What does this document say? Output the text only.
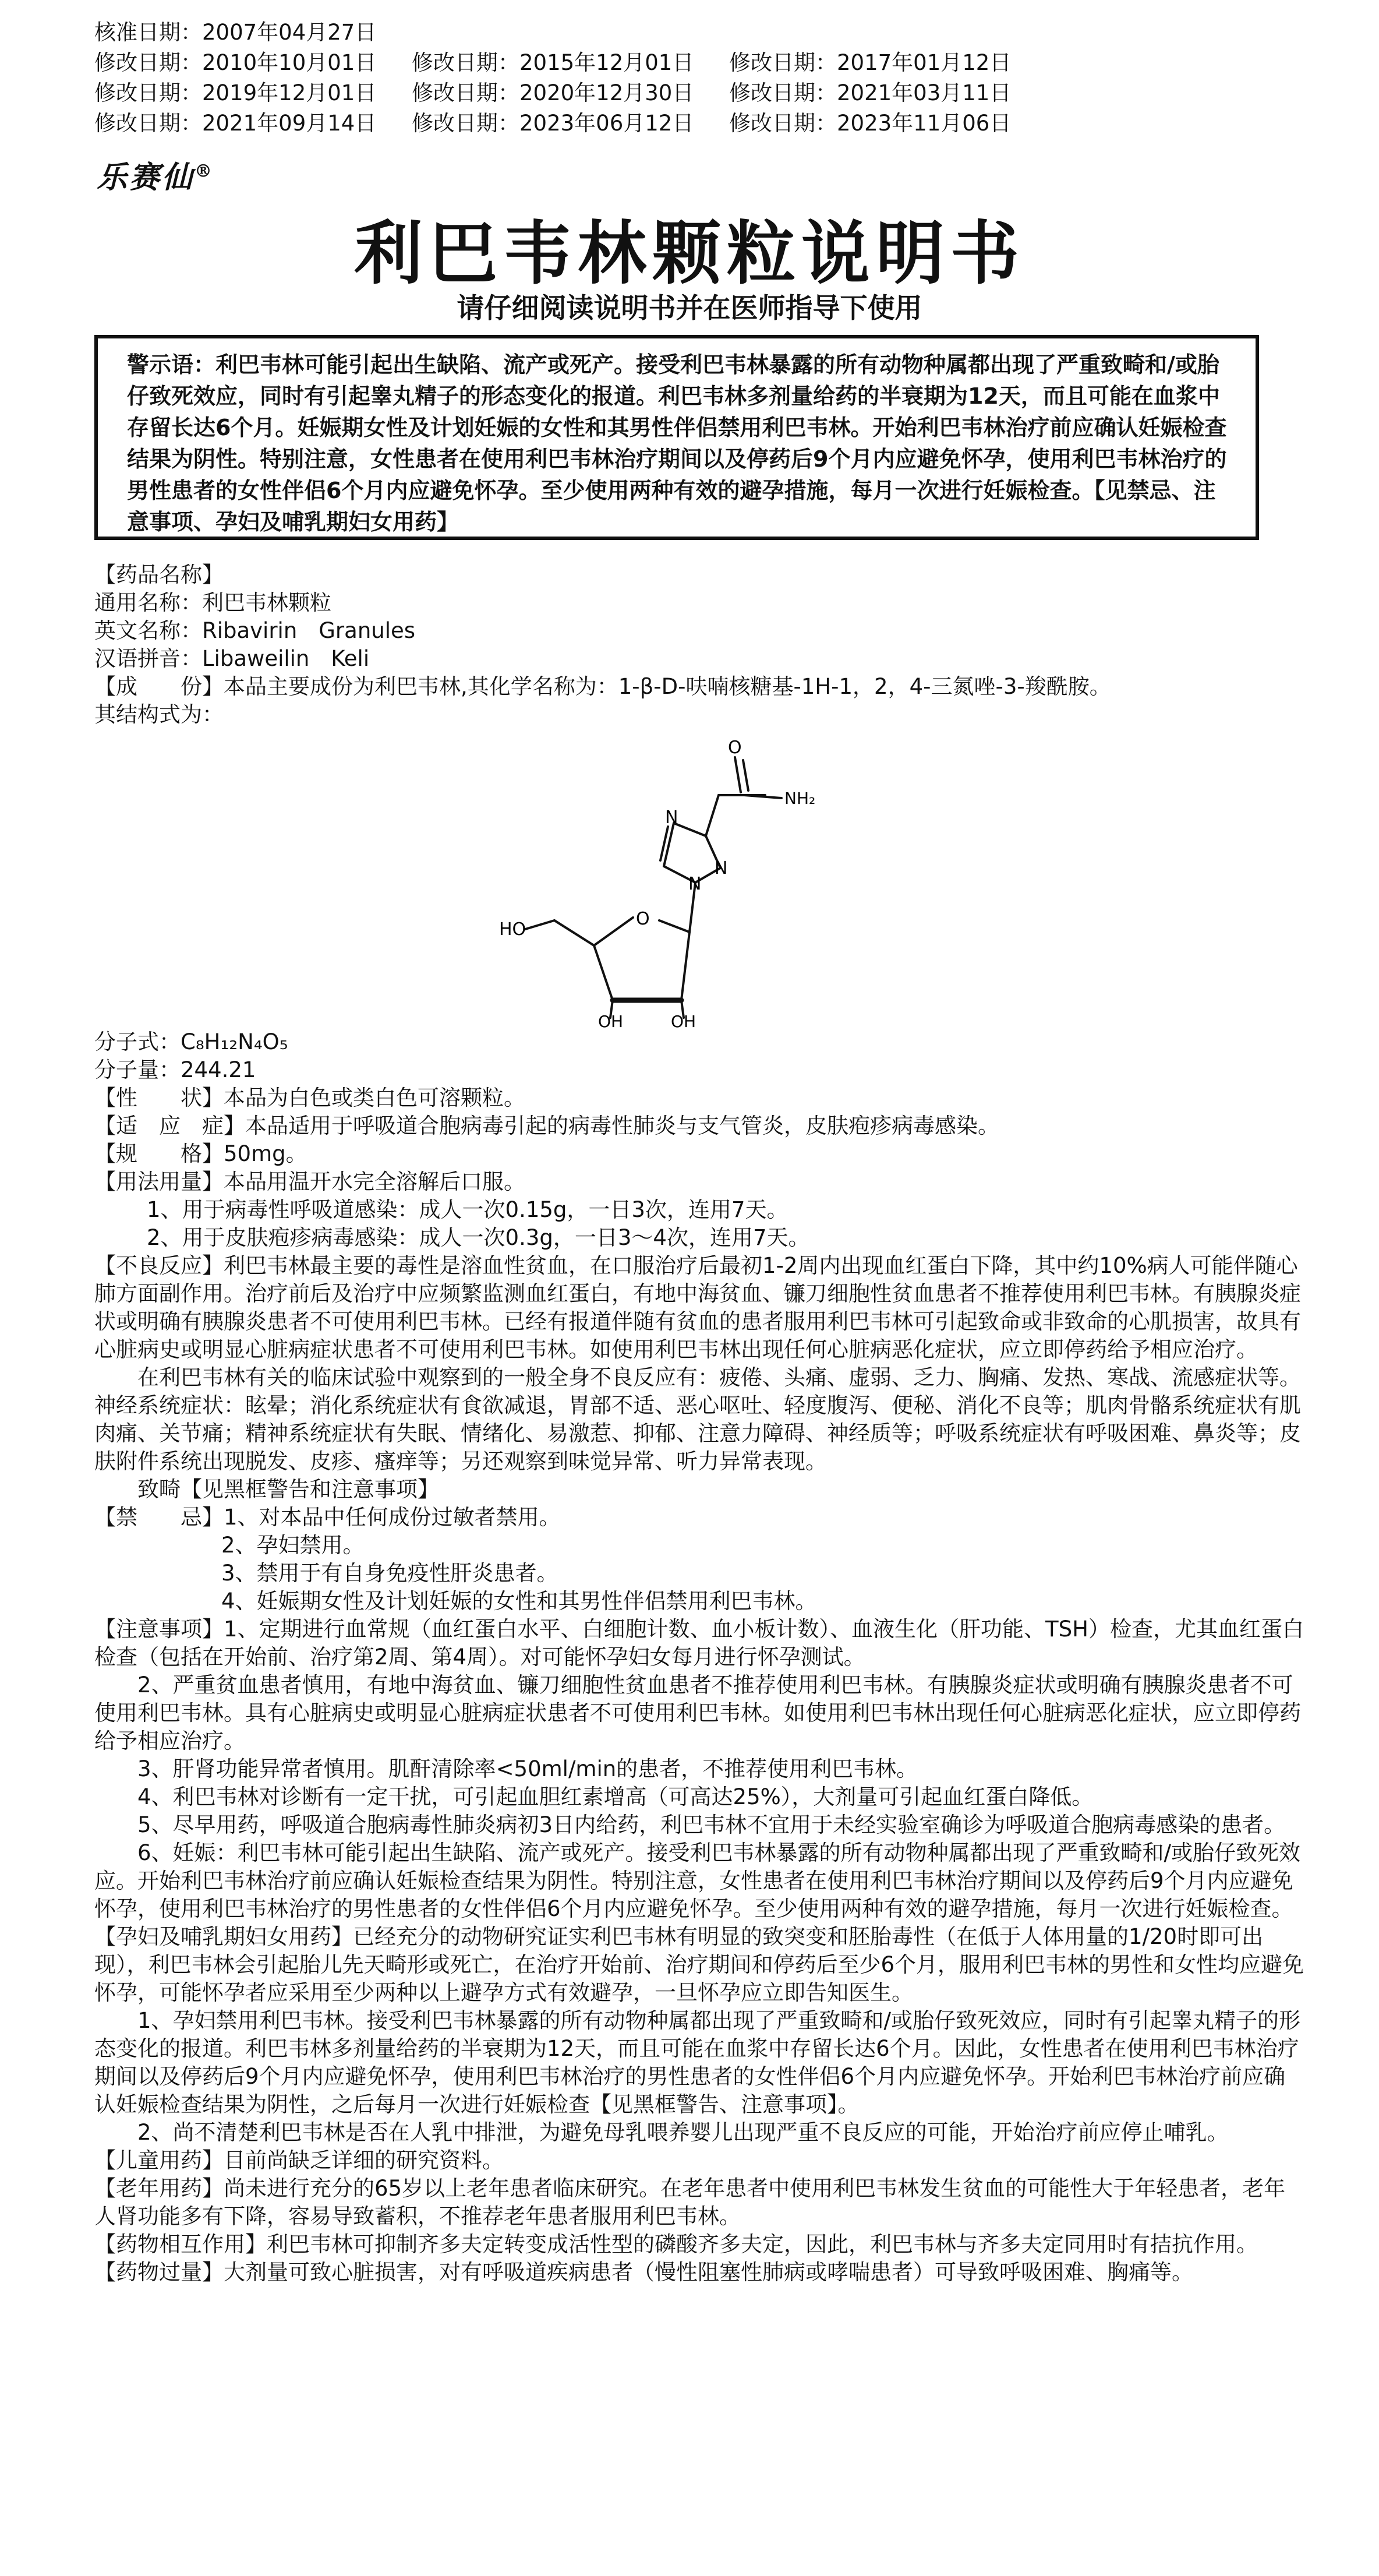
核准日期：2007年04月27日
修改日期：2010年10月01日	修改日期：2015年12月01日	修改日期：2017年01月12日
修改日期：2019年12月01日	修改日期：2020年12月30日	修改日期：2021年03月11日
修改日期：2021年09月14日	修改日期：2023年06月12日	修改日期：2023年11月06日
乐赛仙®
利巴韦林颗粒说明书
请仔细阅读说明书并在医师指导下使用
警示语：利巴韦林可能引起出生缺陷、流产或死产。接受利巴韦林暴露的所有动物种属都出现了严重致畸和/或胎仔致死效应，同时有引起睾丸精子的形态变化的报道。利巴韦林多剂量给药的半衰期为12天，而且可能在血浆中存留长达6个月。妊娠期女性及计划妊娠的女性和其男性伴侣禁用利巴韦林。开始利巴韦林治疗前应确认妊娠检查结果为阴性。特别注意，女性患者在使用利巴韦林治疗期间以及停药后9个月内应避免怀孕，使用利巴韦林治疗的男性患者的女性伴侣6个月内应避免怀孕。至少使用两种有效的避孕措施，每月一次进行妊娠检查。【见禁忌、注意事项、孕妇及哺乳期妇女用药】

【药品名称】

通用名称：利巴韦林颗粒

英文名称：Ribavirin　Granules

汉语拼音：Libaweilin　Keli

【成　　份】本品主要成份为利巴韦林,其化学名称为：1-β-D-呋喃核糖基-1H-1，2，4-三氮唑-3-羧酰胺。

其结构式为：

O
NH₂
N
N
N
O
HO
OH	OH

分子式：C₈H₁₂N₄O₅

分子量：244.21

【性　　状】本品为白色或类白色可溶颗粒。

【适　应　症】本品适用于呼吸道合胞病毒引起的病毒性肺炎与支气管炎，皮肤疱疹病毒感染。

【规　　格】50mg。

【用法用量】本品用温开水完全溶解后口服。

1、用于病毒性呼吸道感染：成人一次0.15g，一日3次，连用7天。

2、用于皮肤疱疹病毒感染：成人一次0.3g，一日3～4次，连用7天。

【不良反应】利巴韦林最主要的毒性是溶血性贫血，在口服治疗后最初1-2周内出现血红蛋白下降，其中约10%病人可能伴随心肺方面副作用。治疗前后及治疗中应频繁监测血红蛋白，有地中海贫血、镰刀细胞性贫血患者不推荐使用利巴韦林。有胰腺炎症状或明确有胰腺炎患者不可使用利巴韦林。已经有报道伴随有贫血的患者服用利巴韦林可引起致命或非致命的心肌损害，故具有心脏病史或明显心脏病症状患者不可使用利巴韦林。如使用利巴韦林出现任何心脏病恶化症状，应立即停药给予相应治疗。

在利巴韦林有关的临床试验中观察到的一般全身不良反应有：疲倦、头痛、虚弱、乏力、胸痛、发热、寒战、流感症状等。神经系统症状：眩晕；消化系统症状有食欲减退，胃部不适、恶心呕吐、轻度腹泻、便秘、消化不良等；肌肉骨骼系统症状有肌肉痛、关节痛；精神系统症状有失眠、情绪化、易激惹、抑郁、注意力障碍、神经质等；呼吸系统症状有呼吸困难、鼻炎等；皮肤附件系统出现脱发、皮疹、瘙痒等；另还观察到味觉异常、听力异常表现。

致畸【见黑框警告和注意事项】

【禁　　忌】1、对本品中任何成份过敏者禁用。

2、孕妇禁用。

3、禁用于有自身免疫性肝炎患者。

4、妊娠期女性及计划妊娠的女性和其男性伴侣禁用利巴韦林。

【注意事项】1、定期进行血常规（血红蛋白水平、白细胞计数、血小板计数）、血液生化（肝功能、TSH）检查，尤其血红蛋白检查（包括在开始前、治疗第2周、第4周）。对可能怀孕妇女每月进行怀孕测试。

2、严重贫血患者慎用，有地中海贫血、镰刀细胞性贫血患者不推荐使用利巴韦林。有胰腺炎症状或明确有胰腺炎患者不可使用利巴韦林。具有心脏病史或明显心脏病症状患者不可使用利巴韦林。如使用利巴韦林出现任何心脏病恶化症状，应立即停药给予相应治疗。

3、肝肾功能异常者慎用。肌酐清除率<50ml/min的患者，不推荐使用利巴韦林。

4、利巴韦林对诊断有一定干扰，可引起血胆红素增高（可高达25%），大剂量可引起血红蛋白降低。

5、尽早用药，呼吸道合胞病毒性肺炎病初3日内给药，利巴韦林不宜用于未经实验室确诊为呼吸道合胞病毒感染的患者。

6、妊娠：利巴韦林可能引起出生缺陷、流产或死产。接受利巴韦林暴露的所有动物种属都出现了严重致畸和/或胎仔致死效应。开始利巴韦林治疗前应确认妊娠检查结果为阴性。特别注意，女性患者在使用利巴韦林治疗期间以及停药后9个月内应避免怀孕，使用利巴韦林治疗的男性患者的女性伴侣6个月内应避免怀孕。至少使用两种有效的避孕措施，每月一次进行妊娠检查。

【孕妇及哺乳期妇女用药】已经充分的动物研究证实利巴韦林有明显的致突变和胚胎毒性（在低于人体用量的1/20时即可出现），利巴韦林会引起胎儿先天畸形或死亡，在治疗开始前、治疗期间和停药后至少6个月，服用利巴韦林的男性和女性均应避免怀孕，可能怀孕者应采用至少两种以上避孕方式有效避孕，一旦怀孕应立即告知医生。

1、孕妇禁用利巴韦林。接受利巴韦林暴露的所有动物种属都出现了严重致畸和/或胎仔致死效应，同时有引起睾丸精子的形态变化的报道。利巴韦林多剂量给药的半衰期为12天，而且可能在血浆中存留长达6个月。因此，女性患者在使用利巴韦林治疗期间以及停药后9个月内应避免怀孕，使用利巴韦林治疗的男性患者的女性伴侣6个月内应避免怀孕。开始利巴韦林治疗前应确认妊娠检查结果为阴性，之后每月一次进行妊娠检查【见黑框警告、注意事项】。

2、尚不清楚利巴韦林是否在人乳中排泄，为避免母乳喂养婴儿出现严重不良反应的可能，开始治疗前应停止哺乳。

【儿童用药】目前尚缺乏详细的研究资料。

【老年用药】尚未进行充分的65岁以上老年患者临床研究。在老年患者中使用利巴韦林发生贫血的可能性大于年轻患者，老年人肾功能多有下降，容易导致蓄积，不推荐老年患者服用利巴韦林。

【药物相互作用】利巴韦林可抑制齐多夫定转变成活性型的磷酸齐多夫定，因此，利巴韦林与齐多夫定同用时有拮抗作用。

【药物过量】大剂量可致心脏损害，对有呼吸道疾病患者（慢性阻塞性肺病或哮喘患者）可导致呼吸困难、胸痛等。
